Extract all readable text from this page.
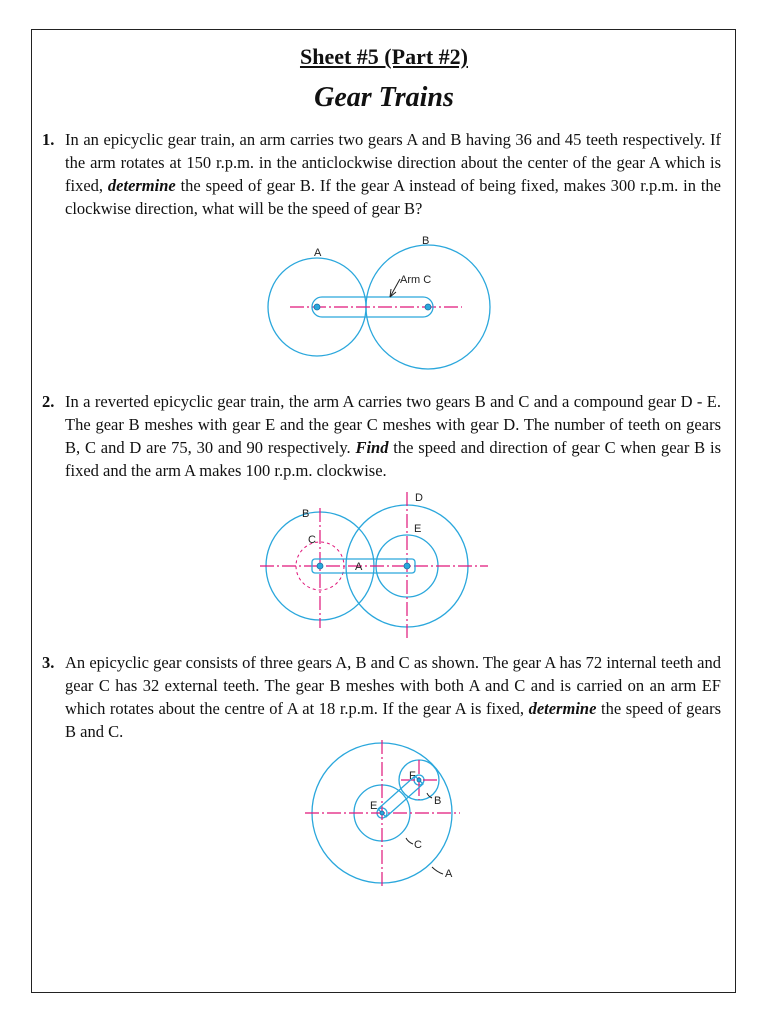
Sheet #5 (Part #2)
Gear Trains
1. In an epicyclic gear train, an arm carries two gears A and B having 36 and 45 teeth respectively. If the arm rotates at 150 r.p.m. in the anticlockwise direction about the center of the gear A which is fixed, determine the speed of gear B. If the gear A instead of being fixed, makes 300 r.p.m. in the clockwise direction, what will be the speed of gear B?
A
B
Arm C
2. In a reverted epicyclic gear train, the arm A carries two gears B and C and a compound gear D - E. The gear B meshes with gear E and the gear C meshes with gear D. The number of teeth on gears B, C and D are 75, 30 and 90 respectively. Find the speed and direction of gear C when gear B is fixed and the arm A makes 100 r.p.m. clockwise.
B
C
A
D
E
3. An epicyclic gear consists of three gears A, B and C as shown. The gear A has 72 internal teeth and gear C has 32 external teeth. The gear B meshes with both A and C and is carried on an arm EF which rotates about the centre of A at 18 r.p.m. If the gear A is fixed, determine the speed of gears B and C.
E
F
B
C
A
